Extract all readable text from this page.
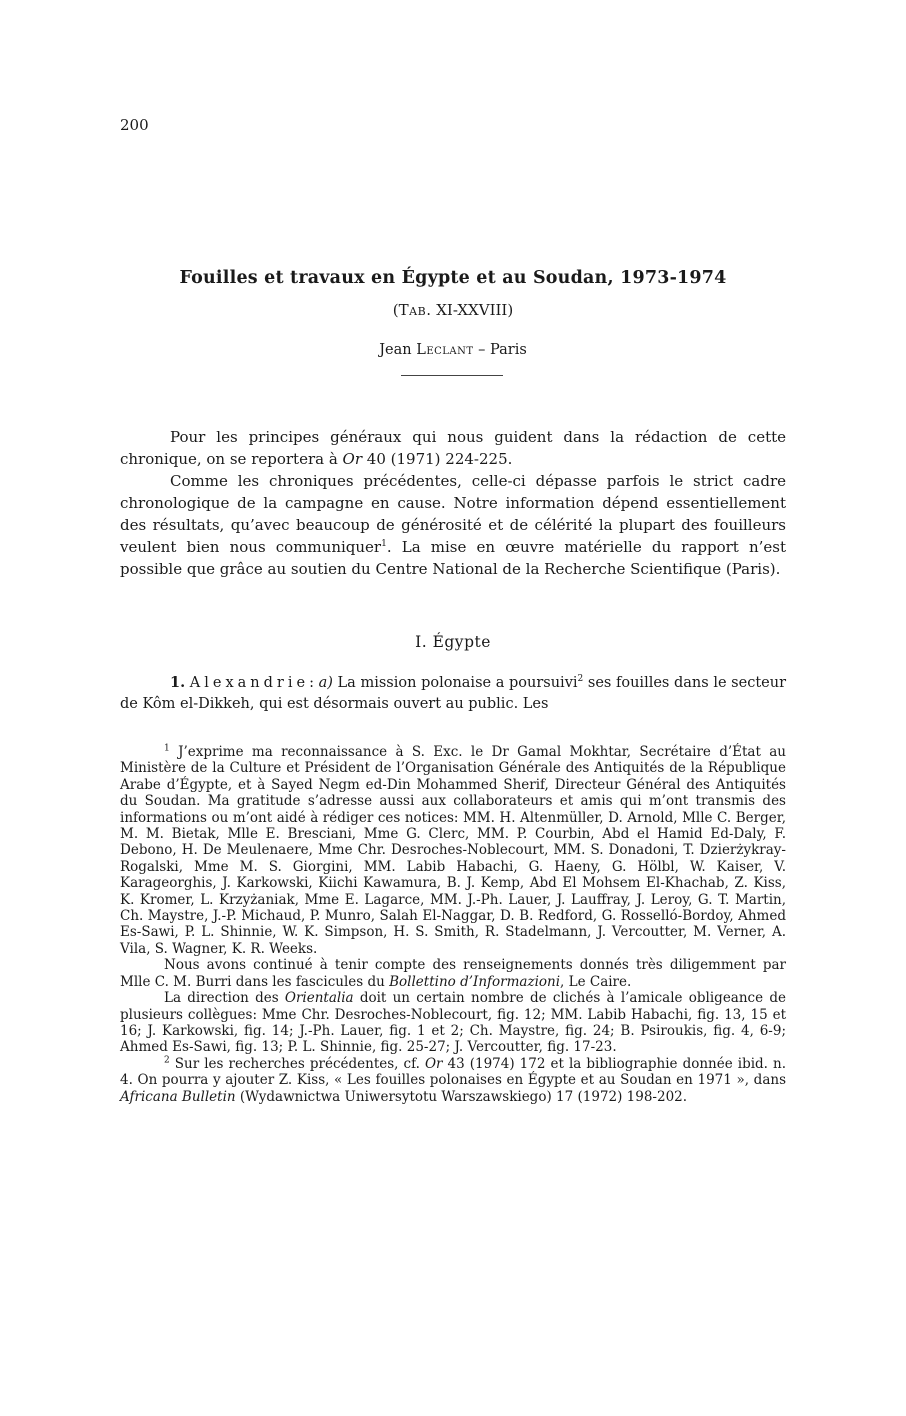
200
Fouilles et travaux en Égypte et au Soudan, 1973-1974
(Tab. XI-XXVIII)
Jean Leclant – Paris

Pour les principes généraux qui nous guident dans la rédaction de cette chronique, on se reportera à Or 40 (1971) 224-225.

Comme les chroniques précédentes, celle-ci dépasse parfois le strict cadre chronologique de la campagne en cause. Notre information dépend essentiellement des résultats, qu’avec beaucoup de générosité et de célérité la plupart des fouilleurs veulent bien nous communiquer$^1$. La mise en œuvre matérielle du rapport n’est possible que grâce au soutien du Centre National de la Recherche Scientifique (Paris).

I. Égypte

1. Alexandrie: a) La mission polonaise a poursuivi$^2$ ses fouilles dans le secteur de Kôm el-Dikkeh, qui est désormais ouvert au public. Les

$^1$ J’exprime ma reconnaissance à S. Exc. le Dr Gamal Mokhtar, Secrétaire d’État au Ministère de la Culture et Président de l’Organisation Générale des Antiquités de la République Arabe d’Égypte, et à Sayed Negm ed-Din Mohammed Sherif, Directeur Général des Antiquités du Soudan. Ma gratitude s’adresse aussi aux collaborateurs et amis qui m’ont transmis des informations ou m’ont aidé à rédiger ces notices: MM. H. Altenmüller, D. Arnold, Mlle C. Berger, M. M. Bietak, Mlle E. Bresciani, Mme G. Clerc, MM. P. Courbin, Abd el Hamid Ed-Daly, F. Debono, H. De Meulenaere, Mme Chr. Desroches-Noblecourt, MM. S. Donadoni, T. Dzierżykray-Rogalski, Mme M. S. Giorgini, MM. Labib Habachi, G. Haeny, G. Hölbl, W. Kaiser, V. Karageorghis, J. Karkowski, Kiichi Kawamura, B. J. Kemp, Abd El Mohsem El-Khachab, Z. Kiss, K. Kromer, L. Krzyżaniak, Mme E. Lagarce, MM. J.-Ph. Lauer, J. Lauffray, J. Leroy, G. T. Martin, Ch. Maystre, J.-P. Michaud, P. Munro, Salah El-Naggar, D. B. Redford, G. Rosselló-Bordoy, Ahmed Es-Sawi, P. L. Shinnie, W. K. Simpson, H. S. Smith, R. Stadelmann, J. Vercoutter, M. Verner, A. Vila, S. Wagner, K. R. Weeks.

Nous avons continué à tenir compte des renseignements donnés très diligemment par Mlle C. M. Burri dans les fascicules du Bollettino d’Informazioni, Le Caire.

La direction des Orientalia doit un certain nombre de clichés à l’amicale obligeance de plusieurs collègues: Mme Chr. Desroches-Noblecourt, fig. 12; MM. Labib Habachi, fig. 13, 15 et 16; J. Karkowski, fig. 14; J.-Ph. Lauer, fig. 1 et 2; Ch. Maystre, fig. 24; B. Psiroukis, fig. 4, 6-9; Ahmed Es-Sawi, fig. 13; P. L. Shinnie, fig. 25-27; J. Vercoutter, fig. 17-23.

$^2$ Sur les recherches précédentes, cf. Or 43 (1974) 172 et la bibliographie donnée ibid. n. 4. On pourra y ajouter Z. Kiss, « Les fouilles polonaises en Égypte et au Soudan en 1971 », dans Africana Bulletin (Wydawnictwa Uniwersytotu Warszawskiego) 17 (1972) 198-202.
